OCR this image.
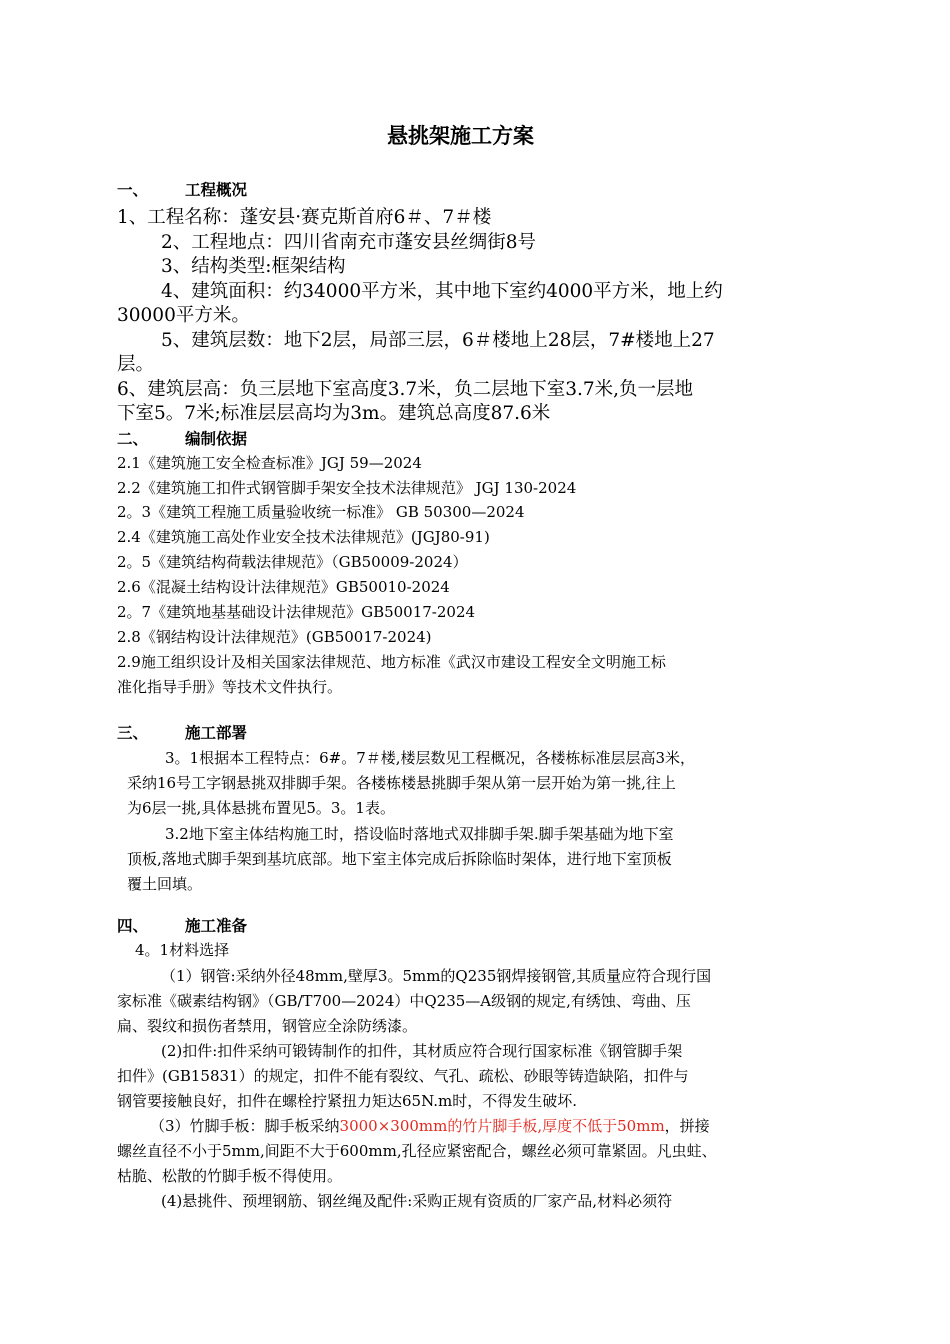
悬挑架施工方案
一、 工程概况
1、工程名称：蓬安县·赛克斯首府6＃、7＃楼
2、工程地点：四川省南充市蓬安县丝绸街8号
3、结构类型:框架结构
4、建筑面积：约34000平方米，其中地下室约4000平方米，地上约
30000平方米。
5、建筑层数：地下2层，局部三层，6＃楼地上28层，7#楼地上27
层。
6、建筑层高：负三层地下室高度3.7米，负二层地下室3.7米,负一层地
下室5。7米;标准层层高均为3m。建筑总高度87.6米
二、 编制依据
2.1《建筑施工安全检查标准》JGJ 59—2024
2.2《建筑施工扣件式钢管脚手架安全技术法律规范》 JGJ 130-2024
2。3《建筑工程施工质量验收统一标准》 GB 50300—2024
2.4《建筑施工高处作业安全技术法律规范》(JGJ80-91)
2。5《建筑结构荷载法律规范》（GB50009-2024）
2.6《混凝土结构设计法律规范》GB50010-2024
2。7《建筑地基基础设计法律规范》GB50017-2024
2.8《钢结构设计法律规范》(GB50017-2024)
2.9施工组织设计及相关国家法律规范、地方标准《武汉市建设工程安全文明施工标
准化指导手册》等技术文件执行。
三、 施工部署
3。1根据本工程特点：6#。7＃楼,楼层数见工程概况，各楼栋标准层层高3米，
采纳16号工字钢悬挑双排脚手架。各楼栋楼悬挑脚手架从第一层开始为第一挑,往上
为6层一挑,具体悬挑布置见5。3。1表。
3.2地下室主体结构施工时，搭设临时落地式双排脚手架.脚手架基础为地下室
顶板,落地式脚手架到基坑底部。地下室主体完成后拆除临时架体，进行地下室顶板
覆土回填。
四、 施工准备
4。1材料选择
（1）钢管:采纳外径48mm,壁厚3。5mm的Q235钢焊接钢管,其质量应符合现行国
家标准《碳素结构钢》（GB/T700—2024）中Q235—A级钢的规定,有绣蚀、弯曲、压
扁、裂纹和损伤者禁用，钢管应全涂防绣漆。
(2)扣件:扣件采纳可锻铸制作的扣件，其材质应符合现行国家标准《钢管脚手架
扣件》(GB15831）的规定，扣件不能有裂纹、气孔、疏松、砂眼等铸造缺陷，扣件与
钢管要接触良好，扣件在螺栓拧紧扭力矩达65N.m时，不得发生破坏.
（3）竹脚手板：脚手板采纳3000×300mm的竹片脚手板,厚度不低于50mm，拼接
螺丝直径不小于5mm,间距不大于600mm,孔径应紧密配合，螺丝必须可靠紧固。凡虫蛀、
枯脆、松散的竹脚手板不得使用。
(4)悬挑件、预埋钢筋、钢丝绳及配件:采购正规有资质的厂家产品,材料必须符
